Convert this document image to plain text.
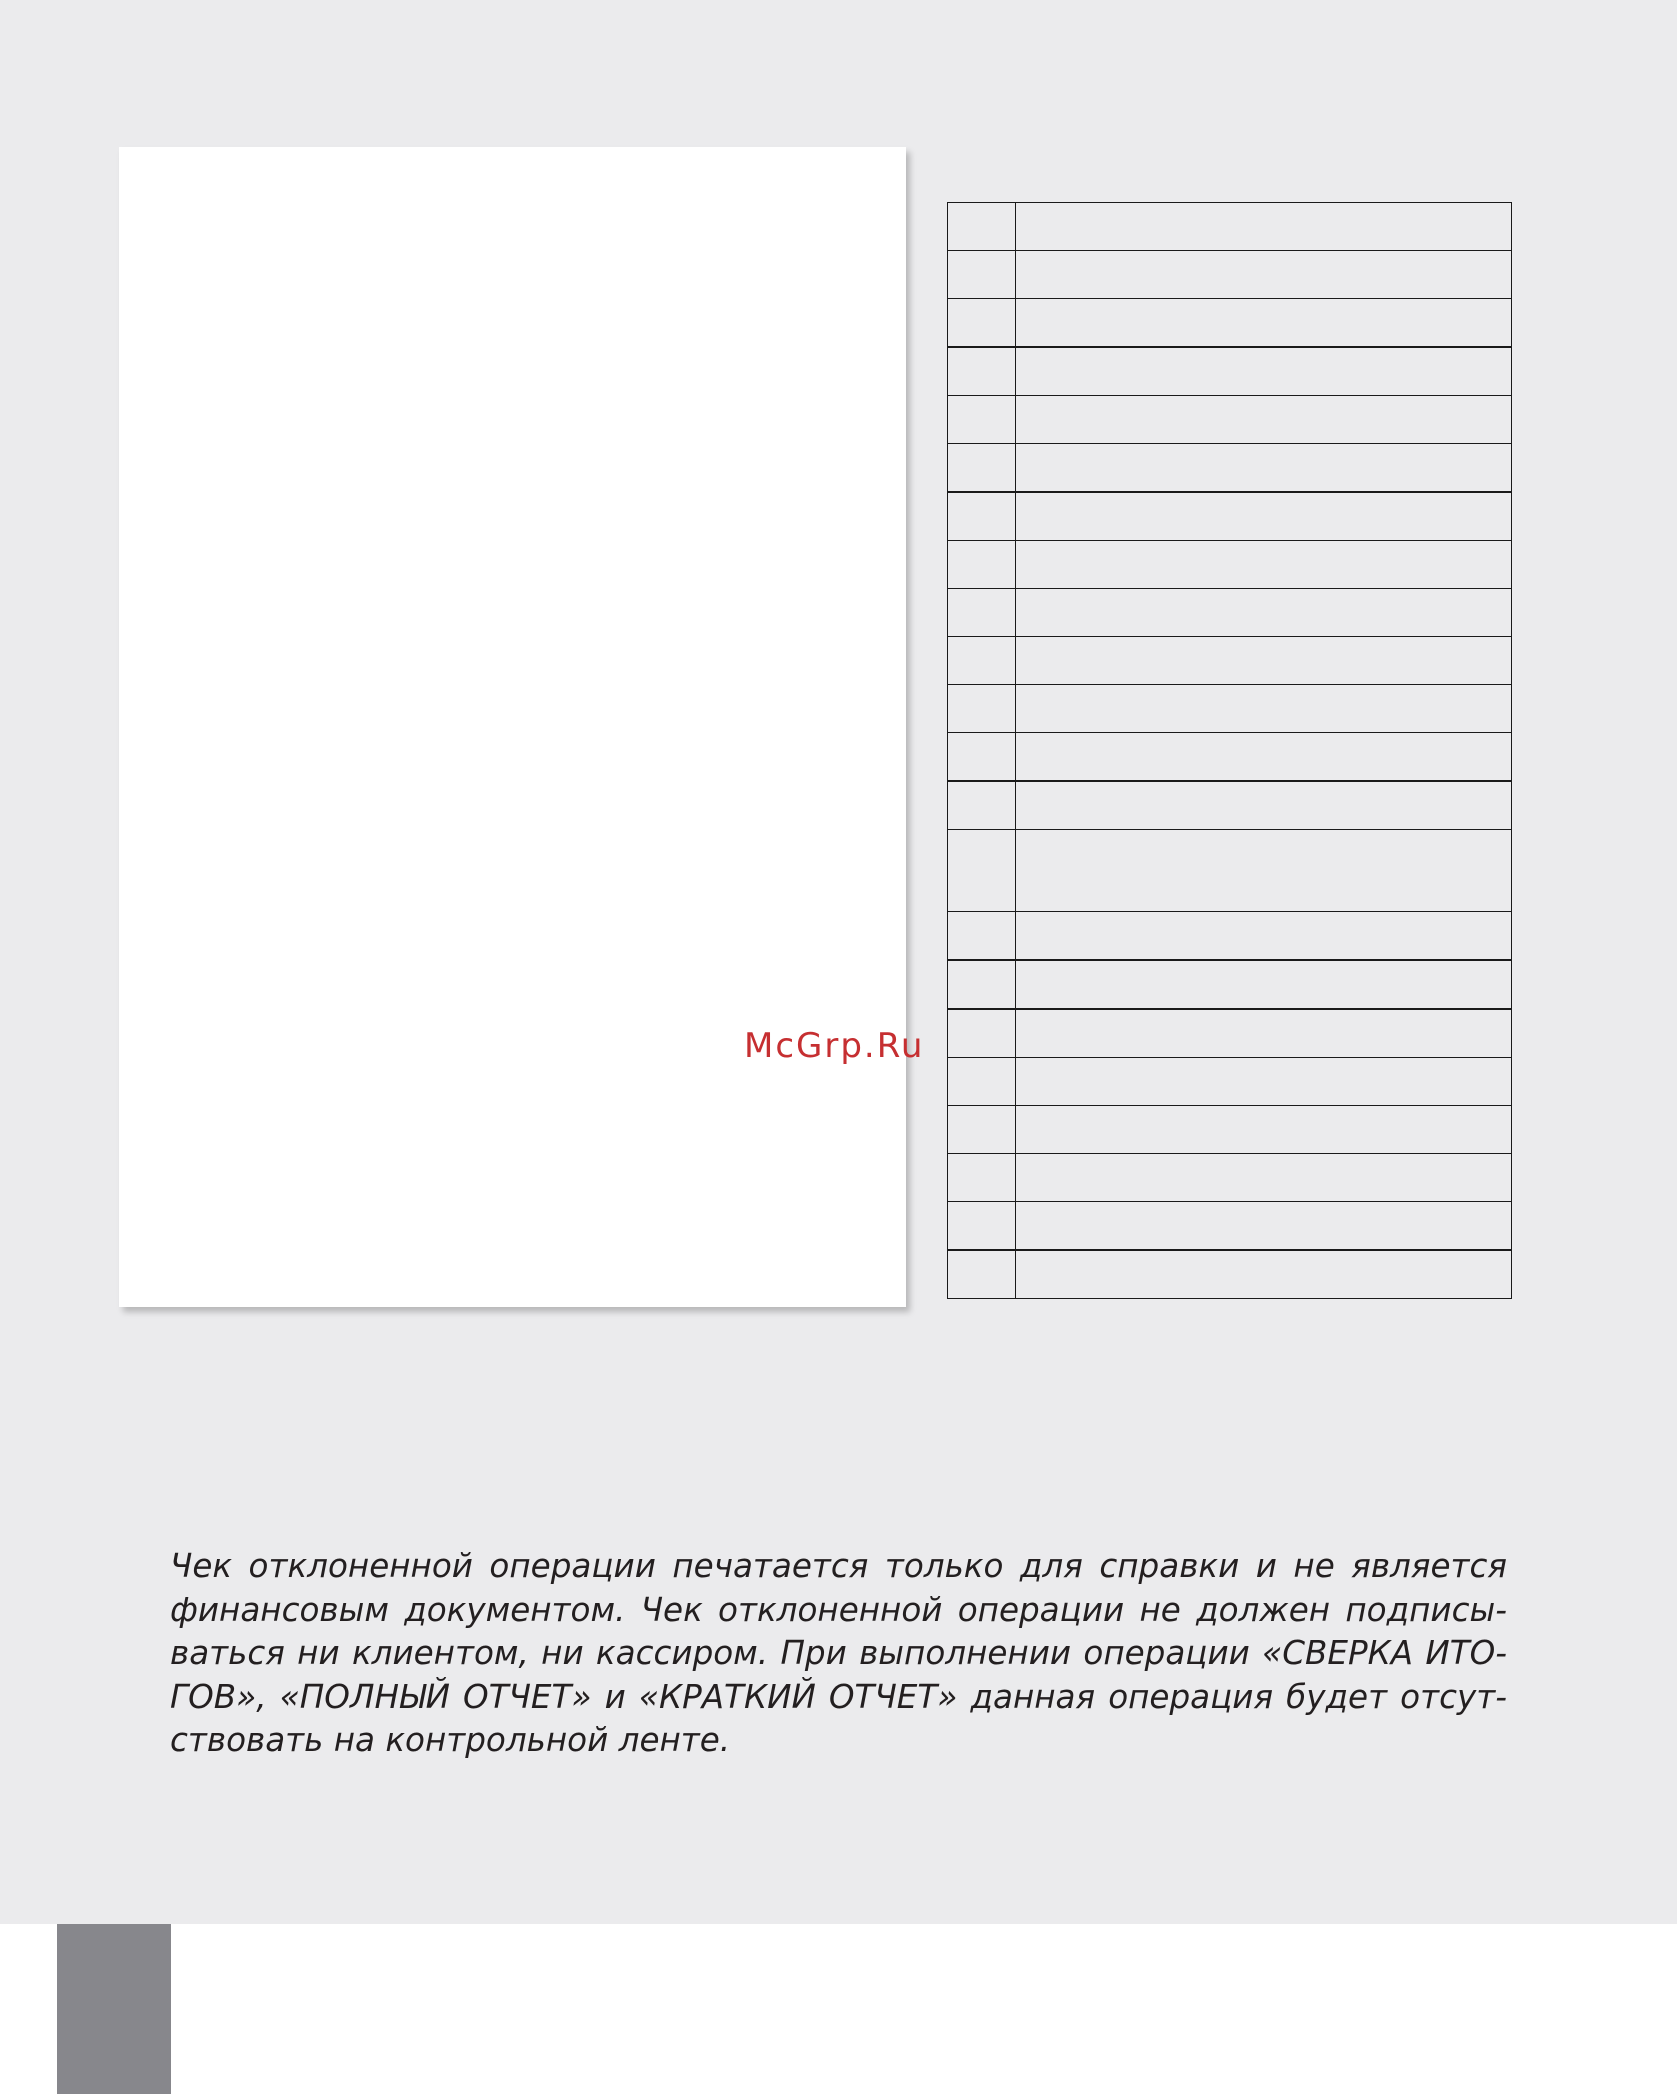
McGrp.Ru

Чек отклоненной операции печатается только для справки и не является
финансовым документом. Чек отклоненной операции не должен подписы-
ваться ни клиентом, ни кассиром. При выполнении операции «СВЕРКА ИТО-
ГОВ», «ПОЛНЫЙ ОТЧЕТ» и «КРАТКИЙ ОТЧЕТ» данная операция будет отсут-
ствовать на контрольной ленте.
